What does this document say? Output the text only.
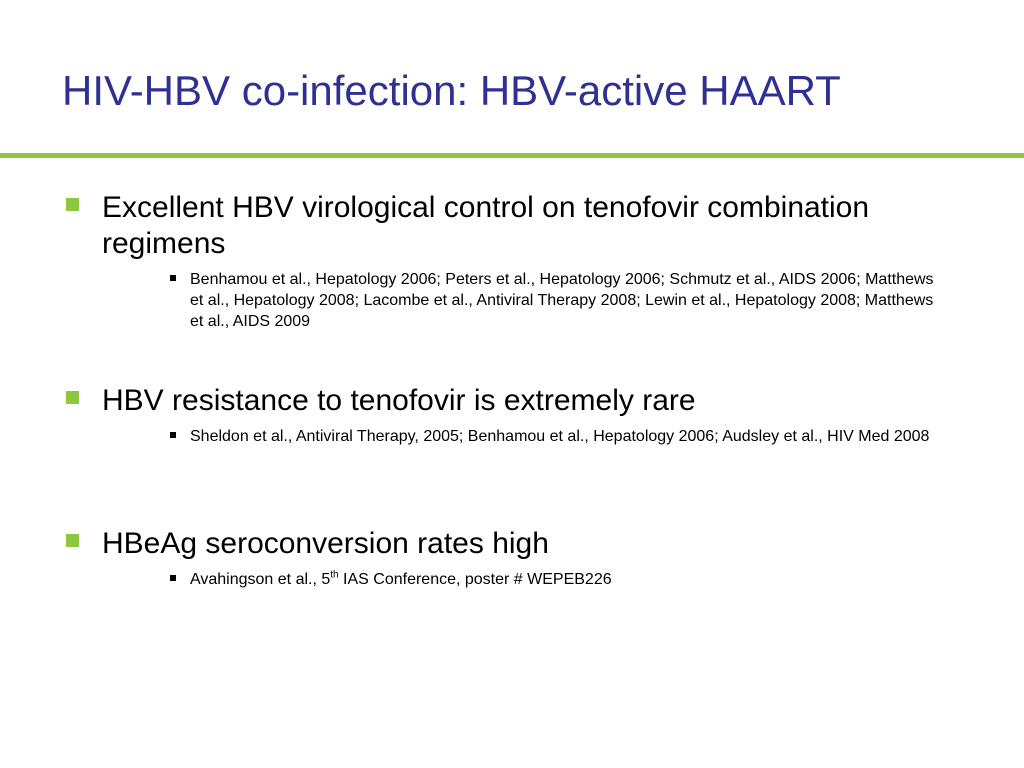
HIV-HBV co-infection: HBV-active HAART
Excellent HBV virological control on tenofovir combination regimens
Benhamou et al., Hepatology 2006; Peters et al., Hepatology 2006; Schmutz et al., AIDS 2006; Matthews et al., Hepatology 2008; Lacombe et al., Antiviral Therapy 2008; Lewin et al., Hepatology 2008; Matthews et al., AIDS 2009
HBV resistance to tenofovir is extremely rare
Sheldon et al., Antiviral Therapy, 2005; Benhamou et al., Hepatology 2006; Audsley et al., HIV Med 2008
HBeAg seroconversion rates high
Avahingson et al., 5th IAS Conference, poster # WEPEB226
